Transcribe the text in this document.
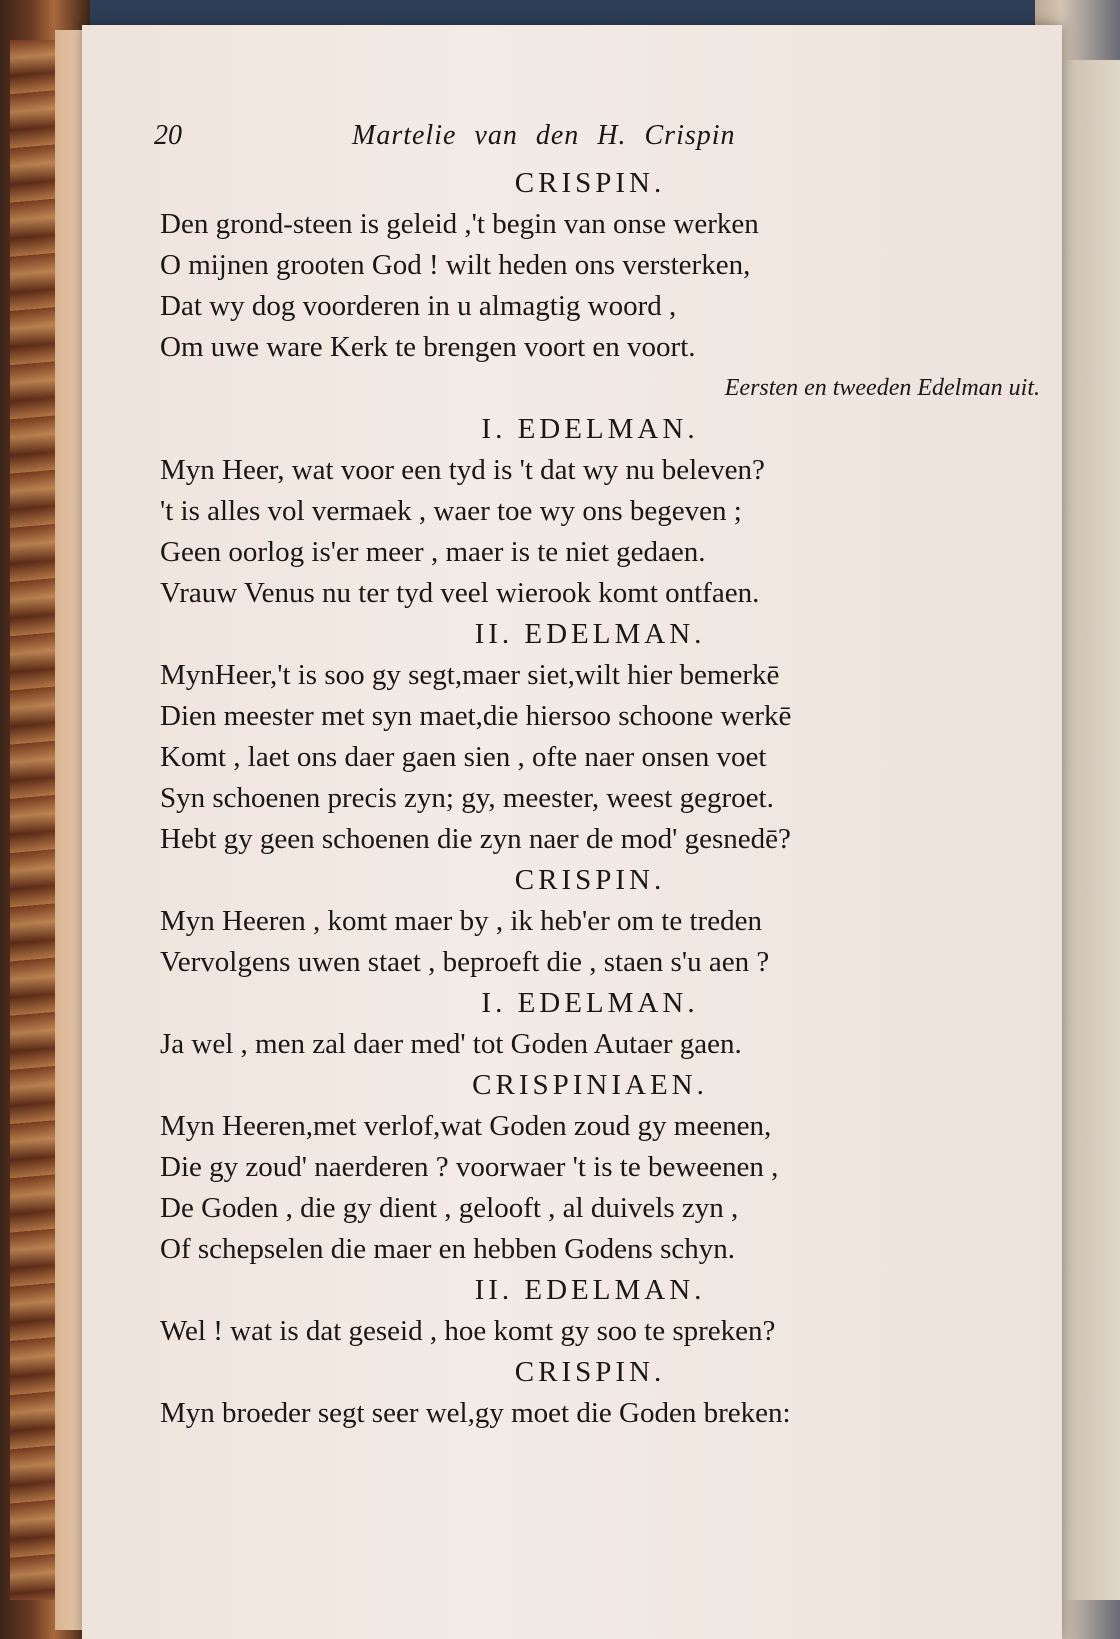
20	Martelie van den H. Crispin
CRISPIN.
Den grond-steen is geleid ,'t begin van onse werken
O mijnen grooten God ! wilt heden ons versterken,
Dat wy dog voorderen in u almagtig woord ,
Om uwe ware Kerk te brengen voort en voort.
Eersten en tweeden Edelman uit.
I. EDELMAN.
Myn Heer, wat voor een tyd is 't dat wy nu beleven?
't is alles vol vermaek , waer toe wy ons begeven ;
Geen oorlog is'er meer , maer is te niet gedaen.
Vrauw Venus nu ter tyd veel wierook komt ontfaen.
II. EDELMAN.
MynHeer,'t is soo gy segt,maer siet,wilt hier bemerkē
Dien meester met syn maet,die hiersoo schoone werkē
Komt , laet ons daer gaen sien , ofte naer onsen voet
Syn schoenen precis zyn; gy, meester, weest gegroet.
Hebt gy geen schoenen die zyn naer de mod' gesnedē?
CRISPIN.
Myn Heeren , komt maer by , ik heb'er om te treden
Vervolgens uwen staet , beproeft die , staen s'u aen ?
I. EDELMAN.
Ja wel , men zal daer med' tot Goden Autaer gaen.
CRISPINIAEN.
Myn Heeren,met verlof,wat Goden zoud gy meenen,
Die gy zoud' naerderen ? voorwaer 't is te beweenen ,
De Goden , die gy dient , gelooft , al duivels zyn ,
Of schepselen die maer en hebben Godens schyn.
II. EDELMAN.
Wel ! wat is dat geseid , hoe komt gy soo te spreken?
CRISPIN.
Myn broeder segt seer wel,gy moet die Goden breken:
